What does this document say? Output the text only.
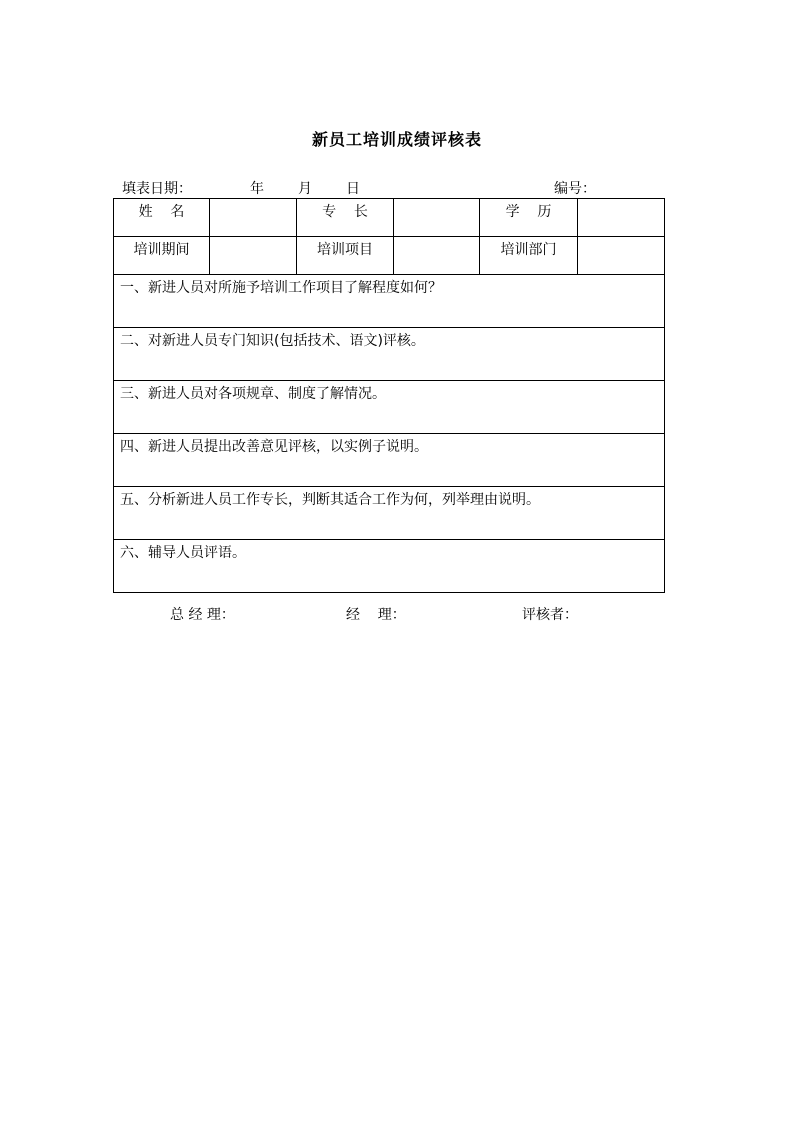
新员工培训成绩评核表
填表日期：	年 月 日	编号：
姓    名		专    长		学    历	
培训期间		培训项目		培训部门	
一、新进人员对所施予培训工作项目了解程度如何？					
二、对新进人员专门知识(包括技术、语文)评核。					
三、新进人员对各项规章、制度了解情况。					
四、新进人员提出改善意见评核，以实例子说明。					
五、分析新进人员工作专长，判断其适合工作为何，列举理由说明。					
六、辅导人员评语。					
总 经 理：	经    理：	评核者：
